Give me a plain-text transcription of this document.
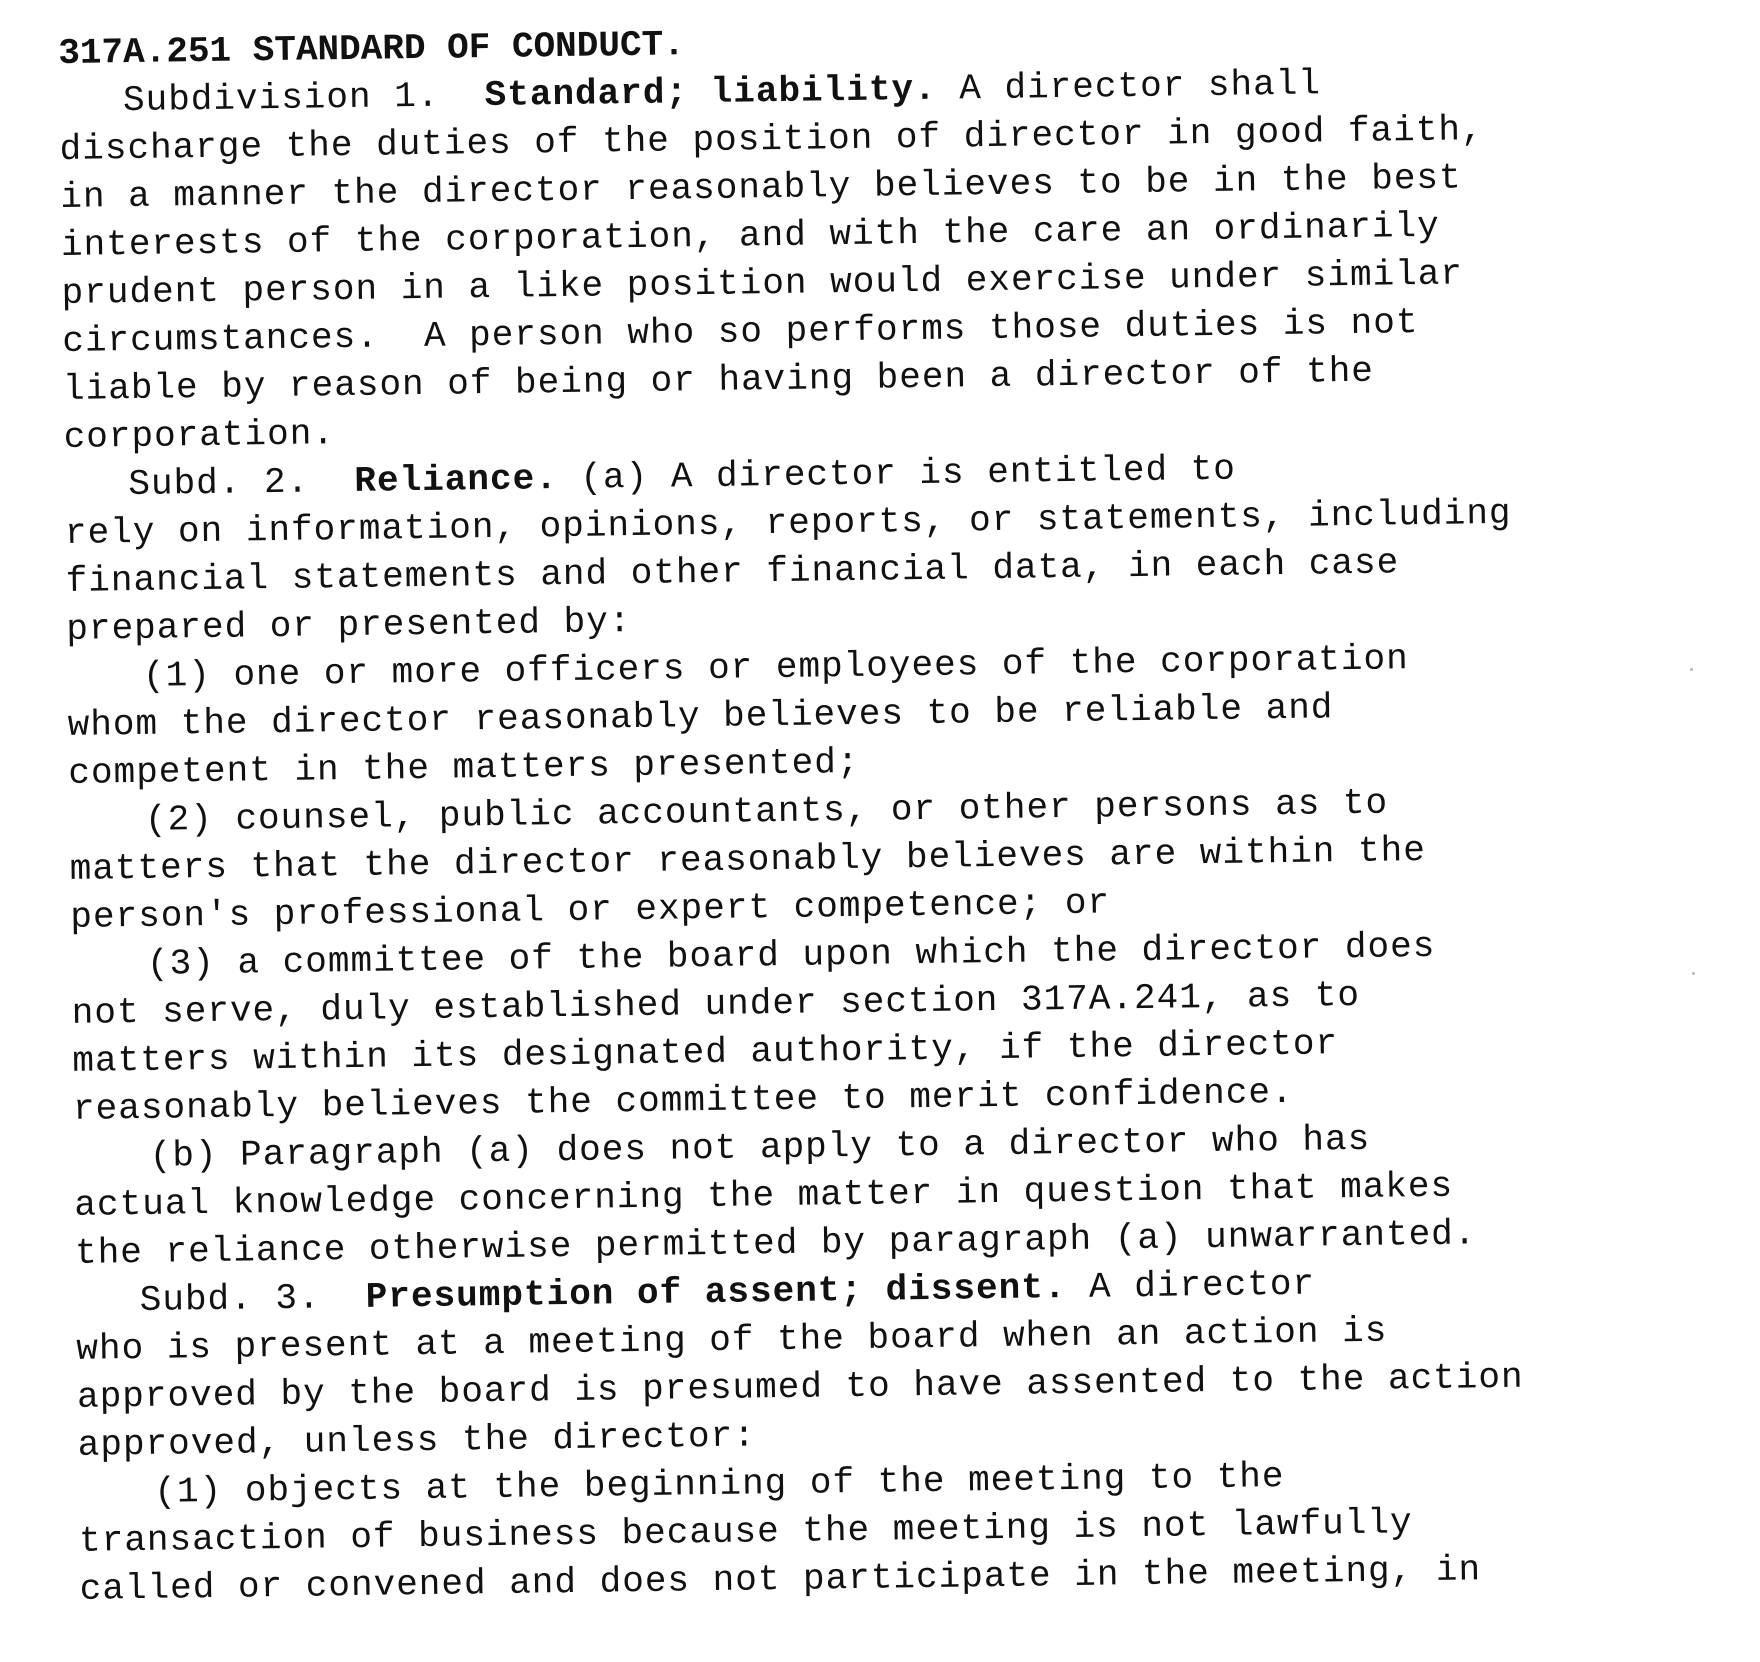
317A.251 STANDARD OF CONDUCT.
Subdivision 1. Standard; liability. A director shall
discharge the duties of the position of director in good faith,
in a manner the director reasonably believes to be in the best
interests of the corporation, and with the care an ordinarily
prudent person in a like position would exercise under similar
circumstances.  A person who so performs those duties is not
liable by reason of being or having been a director of the
corporation.
Subd. 2. Reliance. (a) A director is entitled to
rely on information, opinions, reports, or statements, including
financial statements and other financial data, in each case
prepared or presented by:
(1) one or more officers or employees of the corporation
whom the director reasonably believes to be reliable and
competent in the matters presented;
(2) counsel, public accountants, or other persons as to
matters that the director reasonably believes are within the
person's professional or expert competence; or
(3) a committee of the board upon which the director does
not serve, duly established under section 317A.241, as to
matters within its designated authority, if the director
reasonably believes the committee to merit confidence.
(b) Paragraph (a) does not apply to a director who has
actual knowledge concerning the matter in question that makes
the reliance otherwise permitted by paragraph (a) unwarranted.
Subd. 3. Presumption of assent; dissent. A director
who is present at a meeting of the board when an action is
approved by the board is presumed to have assented to the action
approved, unless the director:
(1) objects at the beginning of the meeting to the
transaction of business because the meeting is not lawfully
called or convened and does not participate in the meeting, in
